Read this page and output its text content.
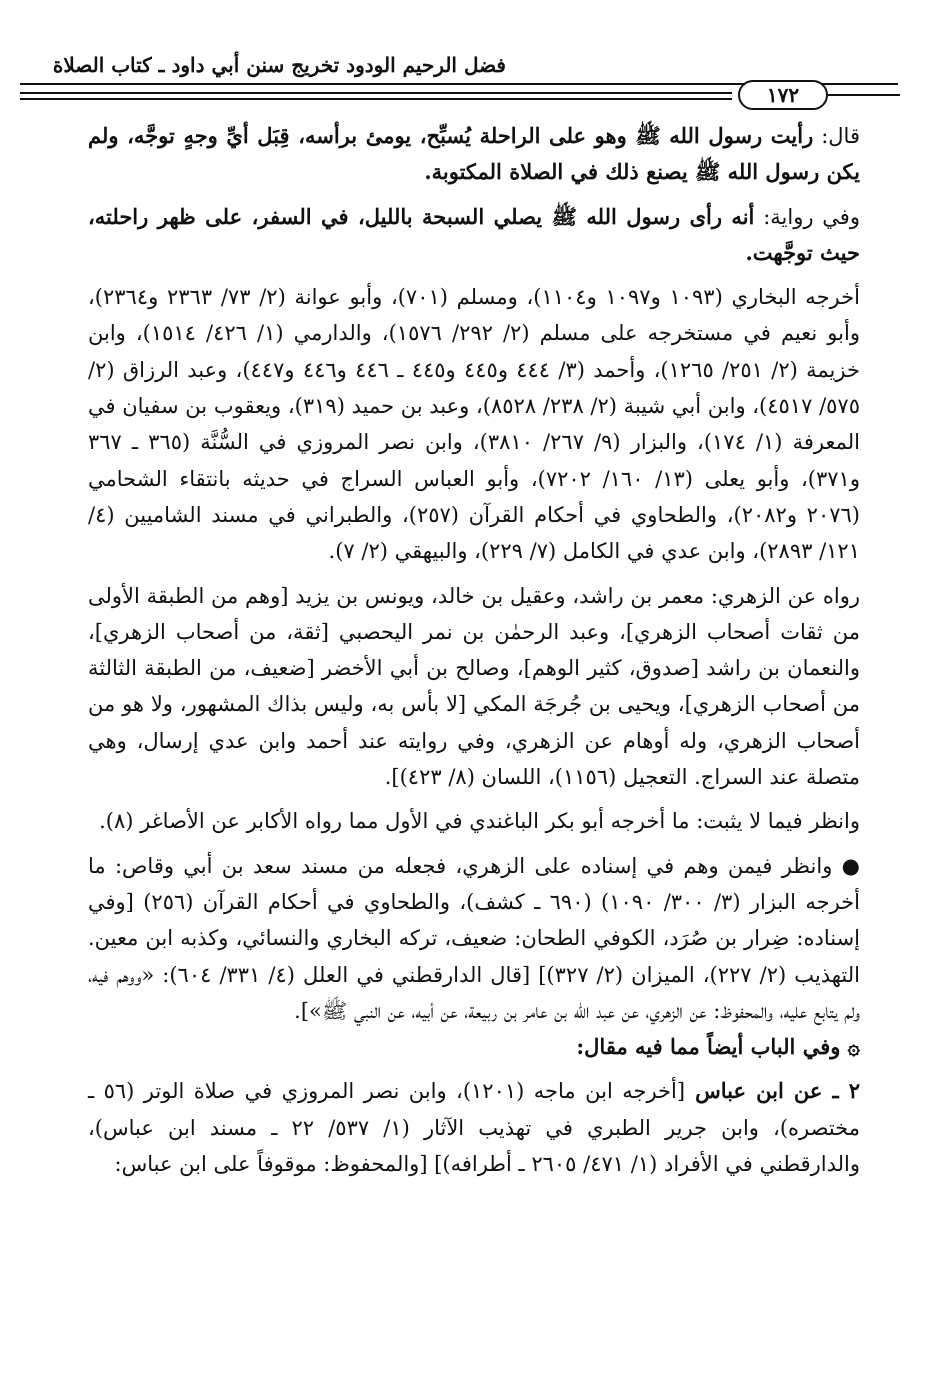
فضل الرحيم الودود تخريج سنن أبي داود ـ كتاب الصلاة
١٧٢

قال: رأيت رسول الله ﷺ وهو على الراحلة يُسبِّح، يومئ برأسه، قِبَل أيِّ وجهٍ توجَّه، ولم يكن رسول الله ﷺ يصنع ذلك في الصلاة المكتوبة.

وفي رواية: أنه رأى رسول الله ﷺ يصلي السبحة بالليل، في السفر، على ظهر راحلته، حيث توجَّهت.

أخرجه البخاري (١٠٩٣ و١٠٩٧ و١١٠٤)، ومسلم (٧٠١)، وأبو عوانة (٢/ ٧٣/ ٢٣٦٣ و٢٣٦٤)، وأبو نعيم في مستخرجه على مسلم (٢/ ٢٩٢/ ١٥٧٦)، والدارمي (١/ ٤٢٦/ ١٥١٤)، وابن خزيمة (٢/ ٢٥١/ ١٢٦٥)، وأحمد (٣/ ٤٤٤ و٤٤٥ و٤٤٥ ـ ٤٤٦ و٤٤٦ و٤٤٧)، وعبد الرزاق (٢/ ٥٧٥/ ٤٥١٧)، وابن أبي شيبة (٢/ ٢٣٨/ ٨٥٢٨)، وعبد بن حميد (٣١٩)، ويعقوب بن سفيان في المعرفة (١/ ١٧٤)، والبزار (٩/ ٢٦٧/ ٣٨١٠)، وابن نصر المروزي في السُّنَّة (٣٦٥ ـ ٣٦٧ و٣٧١)، وأبو يعلى (١٣/ ١٦٠/ ٧٢٠٢)، وأبو العباس السراج في حديثه بانتقاء الشحامي (٢٠٧٦ و٢٠٨٢)، والطحاوي في أحكام القرآن (٢٥٧)، والطبراني في مسند الشاميين (٤/ ١٢١/ ٢٨٩٣)، وابن عدي في الكامل (٧/ ٢٢٩)، والبيهقي (٢/ ٧).

رواه عن الزهري: معمر بن راشد، وعقيل بن خالد، ويونس بن يزيد [وهم من الطبقة الأولى من ثقات أصحاب الزهري]، وعبد الرحمٰن بن نمر اليحصبي [ثقة، من أصحاب الزهري]، والنعمان بن راشد [صدوق، كثير الوهم]، وصالح بن أبي الأخضر [ضعيف، من الطبقة الثالثة من أصحاب الزهري]، ويحيى بن جُرجَة المكي [لا بأس به، وليس بذاك المشهور، ولا هو من أصحاب الزهري، وله أوهام عن الزهري، وفي روايته عند أحمد وابن عدي إرسال، وهي متصلة عند السراج. التعجيل (١١٥٦)، اللسان (٨/ ٤٢٣)].

وانظر فيما لا يثبت: ما أخرجه أبو بكر الباغندي في الأول مما رواه الأكابر عن الأصاغر (٨).

● وانظر فيمن وهم في إسناده على الزهري، فجعله من مسند سعد بن أبي وقاص: ما أخرجه البزار (٣/ ٣٠٠/ ١٠٩٠) (٦٩٠ ـ كشف)، والطحاوي في أحكام القرآن (٢٥٦) [وفي إسناده: ضِرار بن صُرَد، الكوفي الطحان: ضعيف، تركه البخاري والنسائي، وكذبه ابن معين. التهذيب (٢/ ٢٢٧)، الميزان (٢/ ٣٢٧)] [قال الدارقطني في العلل (٤/ ٣٣١/ ٦٠٤): «ووهم فيه، ولم يتابع عليه، والمحفوظ: عن الزهري، عن عبد الله بن عامر بن ربيعة، عن أبيه، عن النبي ﷺ»].

۞ وفي الباب أيضاً مما فيه مقال:

٢ ـ عن ابن عباس [أخرجه ابن ماجه (١٢٠١)، وابن نصر المروزي في صلاة الوتر (٥٦ ـ مختصره)، وابن جرير الطبري في تهذيب الآثار (١/ ٥٣٧/ ٢٢ ـ مسند ابن عباس)، والدارقطني في الأفراد (١/ ٤٧١/ ٢٦٠٥ ـ أطرافه)] [والمحفوظ: موقوفاً على ابن عباس:
